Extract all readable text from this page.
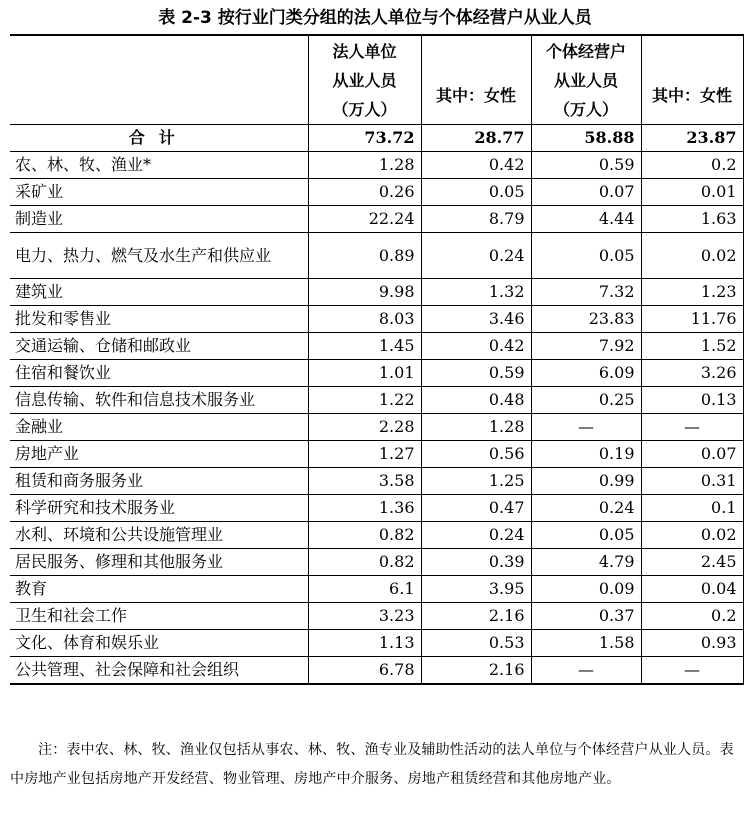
表 2-3 按行业门类分组的法人单位与个体经营户从业人员

	法人单位
从业人员
（万人）	其中：女性	个体经营户
从业人员
（万人）	其中：女性

合计	73.72	28.77	58.88	23.87
农、林、牧、渔业*	1.28	0.42	0.59	0.2
采矿业	0.26	0.05	0.07	0.01
制造业	22.24	8.79	4.44	1.63
电力、热力、燃气及水生产和供应业	0.89	0.24	0.05	0.02
建筑业	9.98	1.32	7.32	1.23
批发和零售业	8.03	3.46	23.83	11.76
交通运输、仓储和邮政业	1.45	0.42	7.92	1.52
住宿和餐饮业	1.01	0.59	6.09	3.26
信息传输、软件和信息技术服务业	1.22	0.48	0.25	0.13
金融业	2.28	1.28	—	—
房地产业	1.27	0.56	0.19	0.07
租赁和商务服务业	3.58	1.25	0.99	0.31
科学研究和技术服务业	1.36	0.47	0.24	0.1
水利、环境和公共设施管理业	0.82	0.24	0.05	0.02
居民服务、修理和其他服务业	0.82	0.39	4.79	2.45
教育	6.1	3.95	0.09	0.04
卫生和社会工作	3.23	2.16	0.37	0.2
文化、体育和娱乐业	1.13	0.53	1.58	0.93
公共管理、社会保障和社会组织	6.78	2.16	—	—
注：表中农、林、牧、渔业仅包括从事农、林、牧、渔专业及辅助性活动的法人单位与个体经营户从业人员。表中房地产业包括房地产开发经营、物业管理、房地产中介服务、房地产租赁经营和其他房地产业。
